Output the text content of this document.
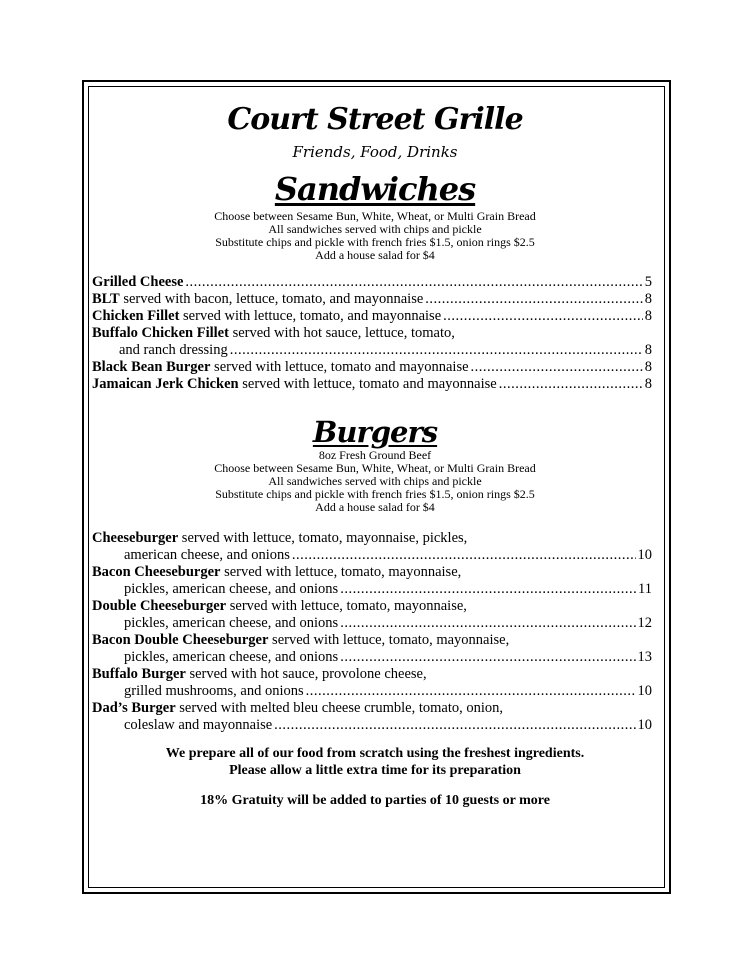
Court Street Grille
Friends, Food, Drinks
Sandwiches
Choose between Sesame Bun, White, Wheat, or Multi Grain Bread
All sandwiches served with chips and pickle
Substitute chips and pickle with french fries $1.5, onion rings $2.5
Add a house salad for $4
Grilled Cheese .....	5
BLT
served with bacon, lettuce, tomato, and mayonnaise .....	8
Chicken Fillet
served with lettuce, tomato, and mayonnaise .....	8
Buffalo Chicken Fillet
served with hot sauce, lettuce, tomato,
and ranch dressing .....	8
Black Bean Burger
served with lettuce, tomato and mayonnaise .....	8
Jamaican Jerk Chicken
served with lettuce, tomato and mayonnaise .....	8
Burgers
8oz Fresh Ground Beef
Choose between Sesame Bun, White, Wheat, or Multi Grain Bread
All sandwiches served with chips and pickle
Substitute chips and pickle with french fries $1.5, onion rings $2.5
Add a house salad for $4
Cheeseburger
served with lettuce, tomato, mayonnaise, pickles,
american cheese, and onions .....	10
Bacon Cheeseburger
served with lettuce, tomato, mayonnaise,
pickles, american cheese, and onions .....	11
Double Cheeseburger
served with lettuce, tomato, mayonnaise,
pickles, american cheese, and onions .....	12
Bacon Double Cheeseburger
served with lettuce, tomato, mayonnaise,
pickles, american cheese, and onions .....	13
Buffalo Burger
served with hot sauce, provolone cheese,
grilled mushrooms, and onions .....	10
Dad’s Burger
served with melted bleu cheese crumble, tomato, onion,
coleslaw and mayonnaise .....	10
We prepare all of our food from scratch using the freshest ingredients.
Please allow a little extra time for its preparation
18% Gratuity will be added to parties of 10 guests or more
